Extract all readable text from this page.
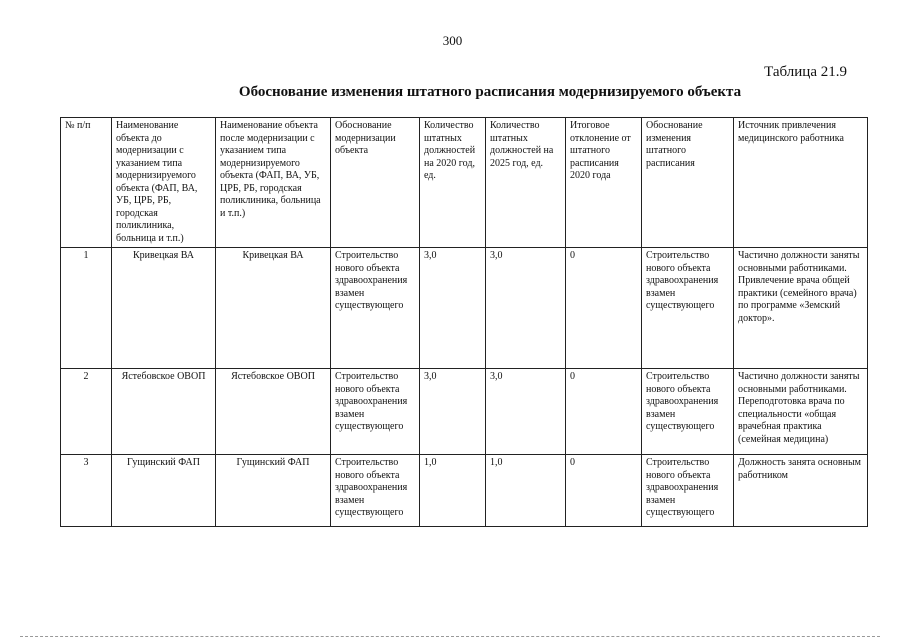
300
Таблица 21.9
Обоснование изменения штатного расписания модернизируемого объекта
№ п/п	Наименование объекта до модернизации с указанием типа модернизируемого объекта (ФАП, ВА, УБ, ЦРБ, РБ, городская поликлиника, больница и т.п.)	Наименование объекта после модернизации с указанием типа модернизируемого объекта (ФАП, ВА, УБ, ЦРБ, РБ, городская поликлиника, больница и т.п.)	Обоснование модернизации объекта	Количество штатных должностей на 2020 год, ед.	Количество штатных должностей на 2025 год, ед.	Итоговое отклонение от штатного расписания 2020 года	Обоснование изменения штатного расписания	Источник привлечения медицинского работника
1	Кривецкая ВА	Кривецкая ВА	Строительство нового объекта здравоохранения взамен существующего	3,0	3,0	0	Строительство нового объекта здравоохранения взамен существующего	Частично должности заняты основными работниками. Привлечение врача общей практики (семейного врача) по программе «Земский доктор».
2	Ястебовское ОВОП	Ястебовское ОВОП	Строительство нового объекта здравоохранения взамен существующего	3,0	3,0	0	Строительство нового объекта здравоохранения взамен существующего	Частично должности заняты основными работниками. Переподготовка врача по специальности «общая врачебная практика (семейная медицина)
3	Гущинский ФАП	Гущинский ФАП	Строительство нового объекта здравоохранения взамен существующего	1,0	1,0	0	Строительство нового объекта здравоохранения взамен существующего	Должность занята основным работником
